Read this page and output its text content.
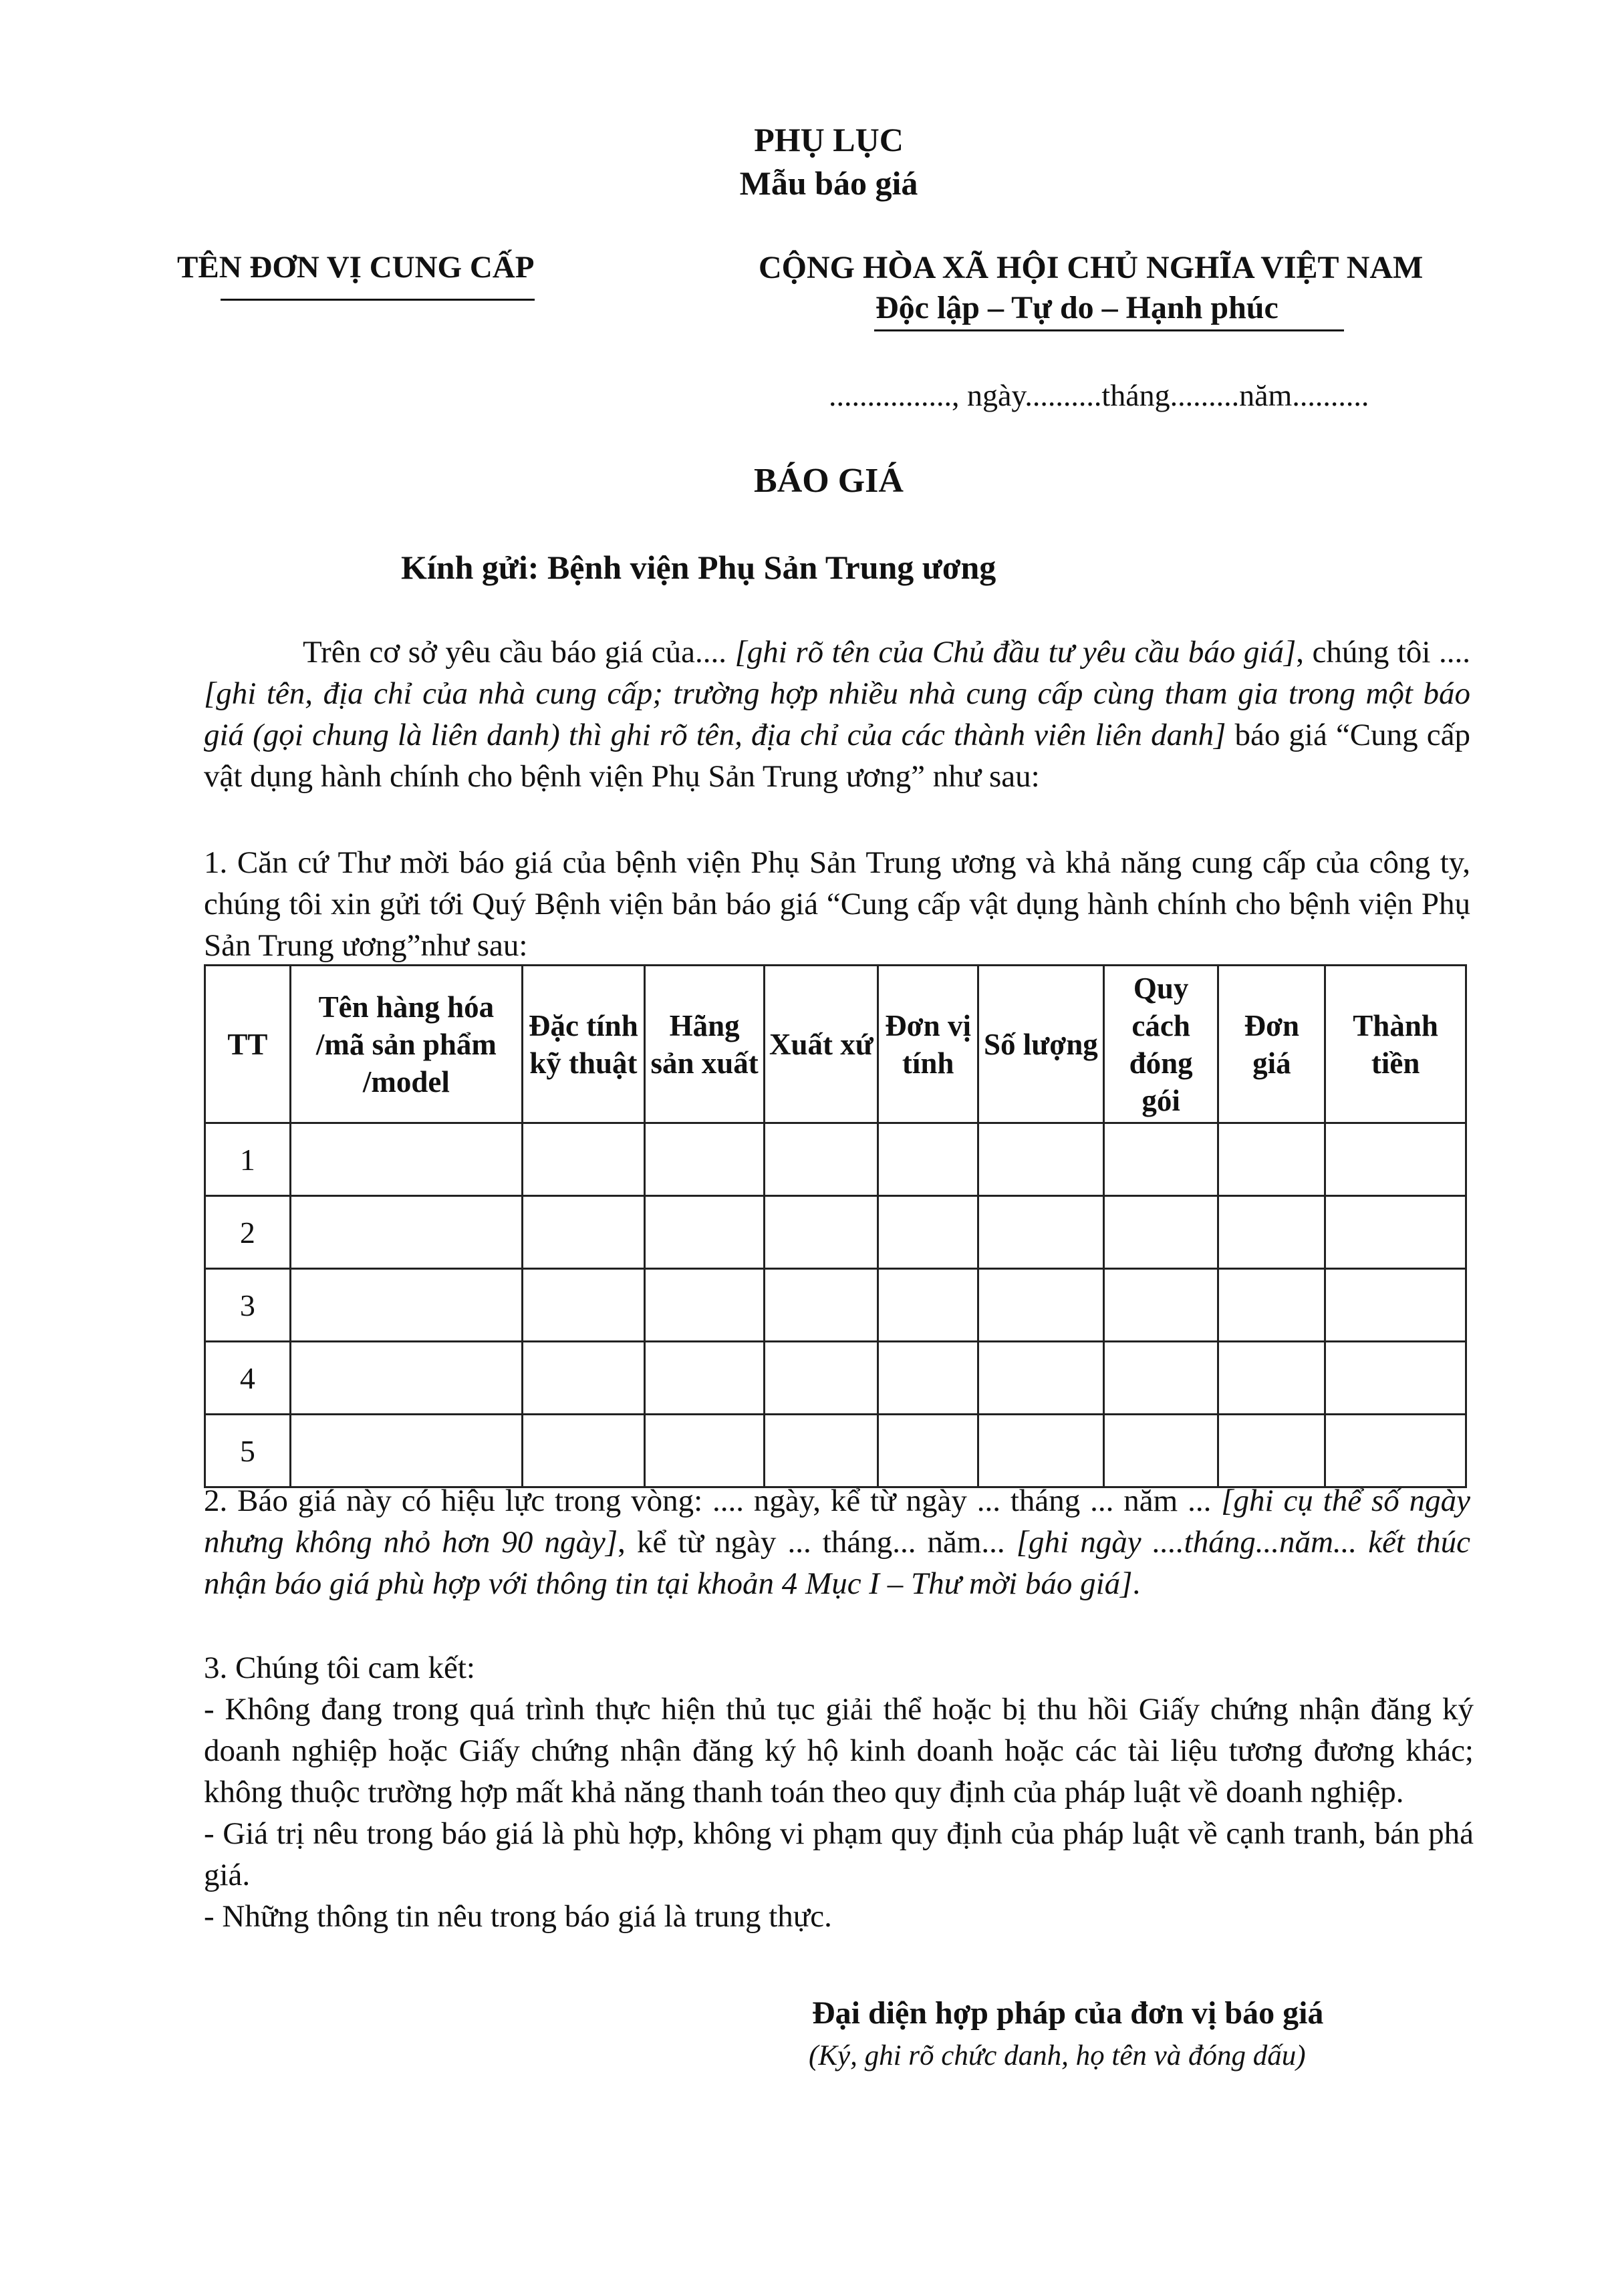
PHỤ LỤC
Mẫu báo giá
TÊN ĐƠN VỊ CUNG CẤP	CỘNG HÒA XÃ HỘI CHỦ NGHĨA VIỆT NAM
Độc lập – Tự do – Hạnh phúc
................, ngày..........tháng.........năm..........
BÁO GIÁ
Kính gửi: Bệnh viện Phụ Sản Trung ương
Trên cơ sở yêu cầu báo giá của.... [ghi rõ tên của Chủ đầu tư yêu cầu báo giá], chúng tôi .... [ghi tên, địa chỉ của nhà cung cấp; trường hợp nhiều nhà cung cấp cùng tham gia trong một báo giá (gọi chung là liên danh) thì ghi rõ tên, địa chỉ của các thành viên liên danh] báo giá “Cung cấp vật dụng hành chính cho bệnh viện Phụ Sản Trung ương” như sau:
1. Căn cứ Thư mời báo giá của bệnh viện Phụ Sản Trung ương và khả năng cung cấp của công ty, chúng tôi xin gửi tới Quý Bệnh viện bản báo giá “Cung cấp vật dụng hành chính cho bệnh viện Phụ Sản Trung ương”như sau:
TT	Tên hàng hóa /mã sản phẩm /model	Đặc tính kỹ thuật	Hãng sản xuất	Xuất xứ	Đơn vị tính	Số lượng	Quy cách đóng gói	Đơn giá	Thành tiền
1									
2									
3									
4									
5									
2. Báo giá này có hiệu lực trong vòng: .... ngày, kể từ ngày ... tháng ... năm ... [ghi cụ thể số ngày nhưng không nhỏ hơn 90 ngày], kể từ ngày ... tháng... năm... [ghi ngày ....tháng...năm... kết thúc nhận báo giá phù hợp với thông tin tại khoản 4 Mục I – Thư mời báo giá].
3. Chúng tôi cam kết:
- Không đang trong quá trình thực hiện thủ tục giải thể hoặc bị thu hồi Giấy chứng nhận đăng ký doanh nghiệp hoặc Giấy chứng nhận đăng ký hộ kinh doanh hoặc các tài liệu tương đương khác; không thuộc trường hợp mất khả năng thanh toán theo quy định của pháp luật về doanh nghiệp.
- Giá trị nêu trong báo giá là phù hợp, không vi phạm quy định của pháp luật về cạnh tranh, bán phá giá.
- Những thông tin nêu trong báo giá là trung thực.
Đại diện hợp pháp của đơn vị báo giá
(Ký, ghi rõ chức danh, họ tên và đóng dấu)
